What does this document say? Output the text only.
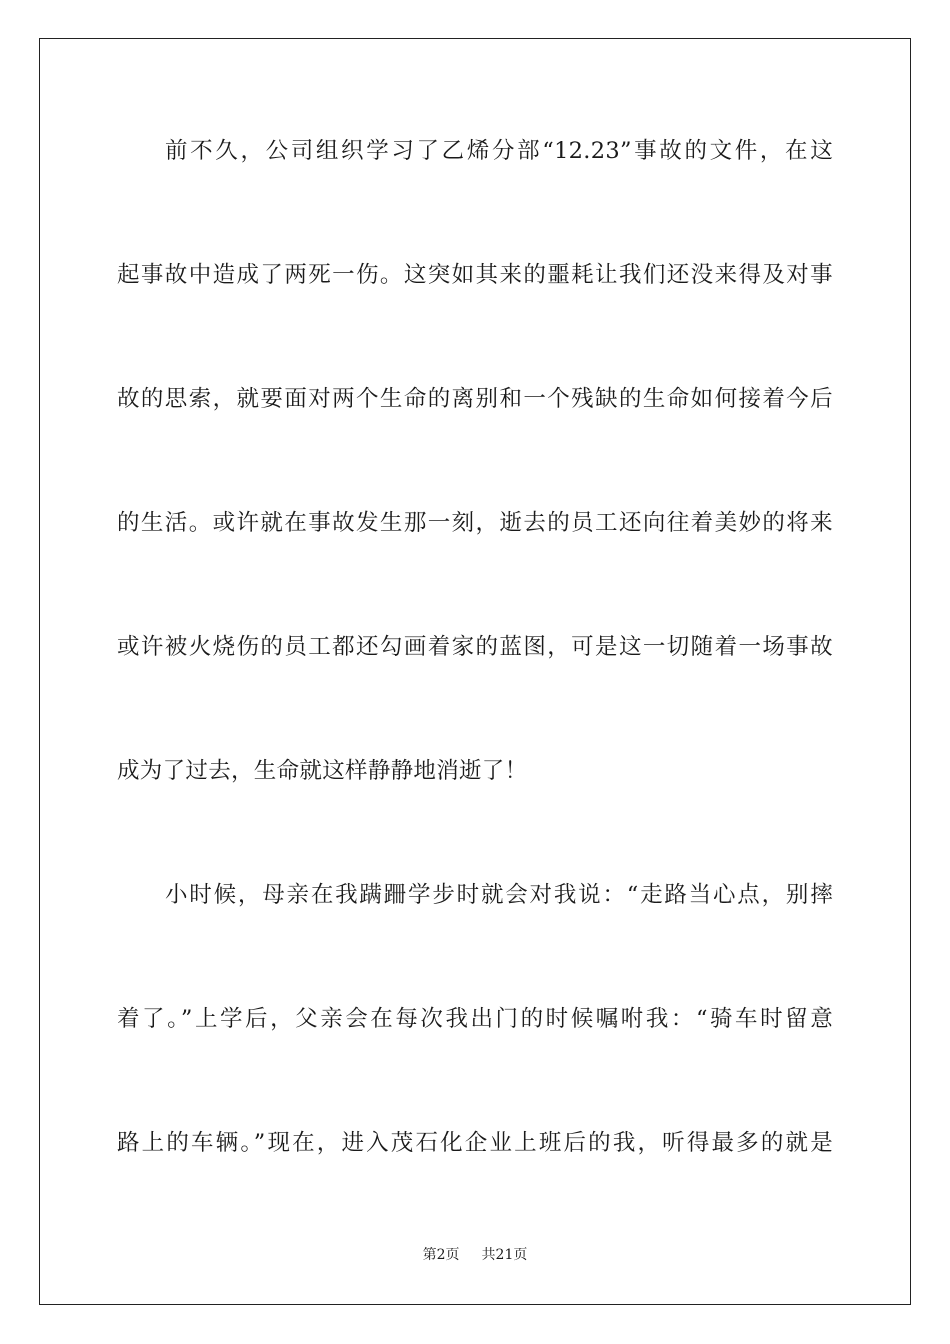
前不久，公司组织学习了乙烯分部“12.23”事故的文件，在这
起事故中造成了两死一伤。这突如其来的噩耗让我们还没来得及对事
故的思索，就要面对两个生命的离别和一个残缺的生命如何接着今后
的生活。或许就在事故发生那一刻，逝去的员工还向往着美妙的将来
或许被火烧伤的员工都还勾画着家的蓝图，可是这一切随着一场事故
成为了过去，生命就这样静静地消逝了！
小时候，母亲在我蹒跚学步时就会对我说：“走路当心点，别摔
着了。”上学后，父亲会在每次我出门的时候嘱咐我：“骑车时留意
路上的车辆。”现在，进入茂石化企业上班后的我，听得最多的就是
第2页 共21页
